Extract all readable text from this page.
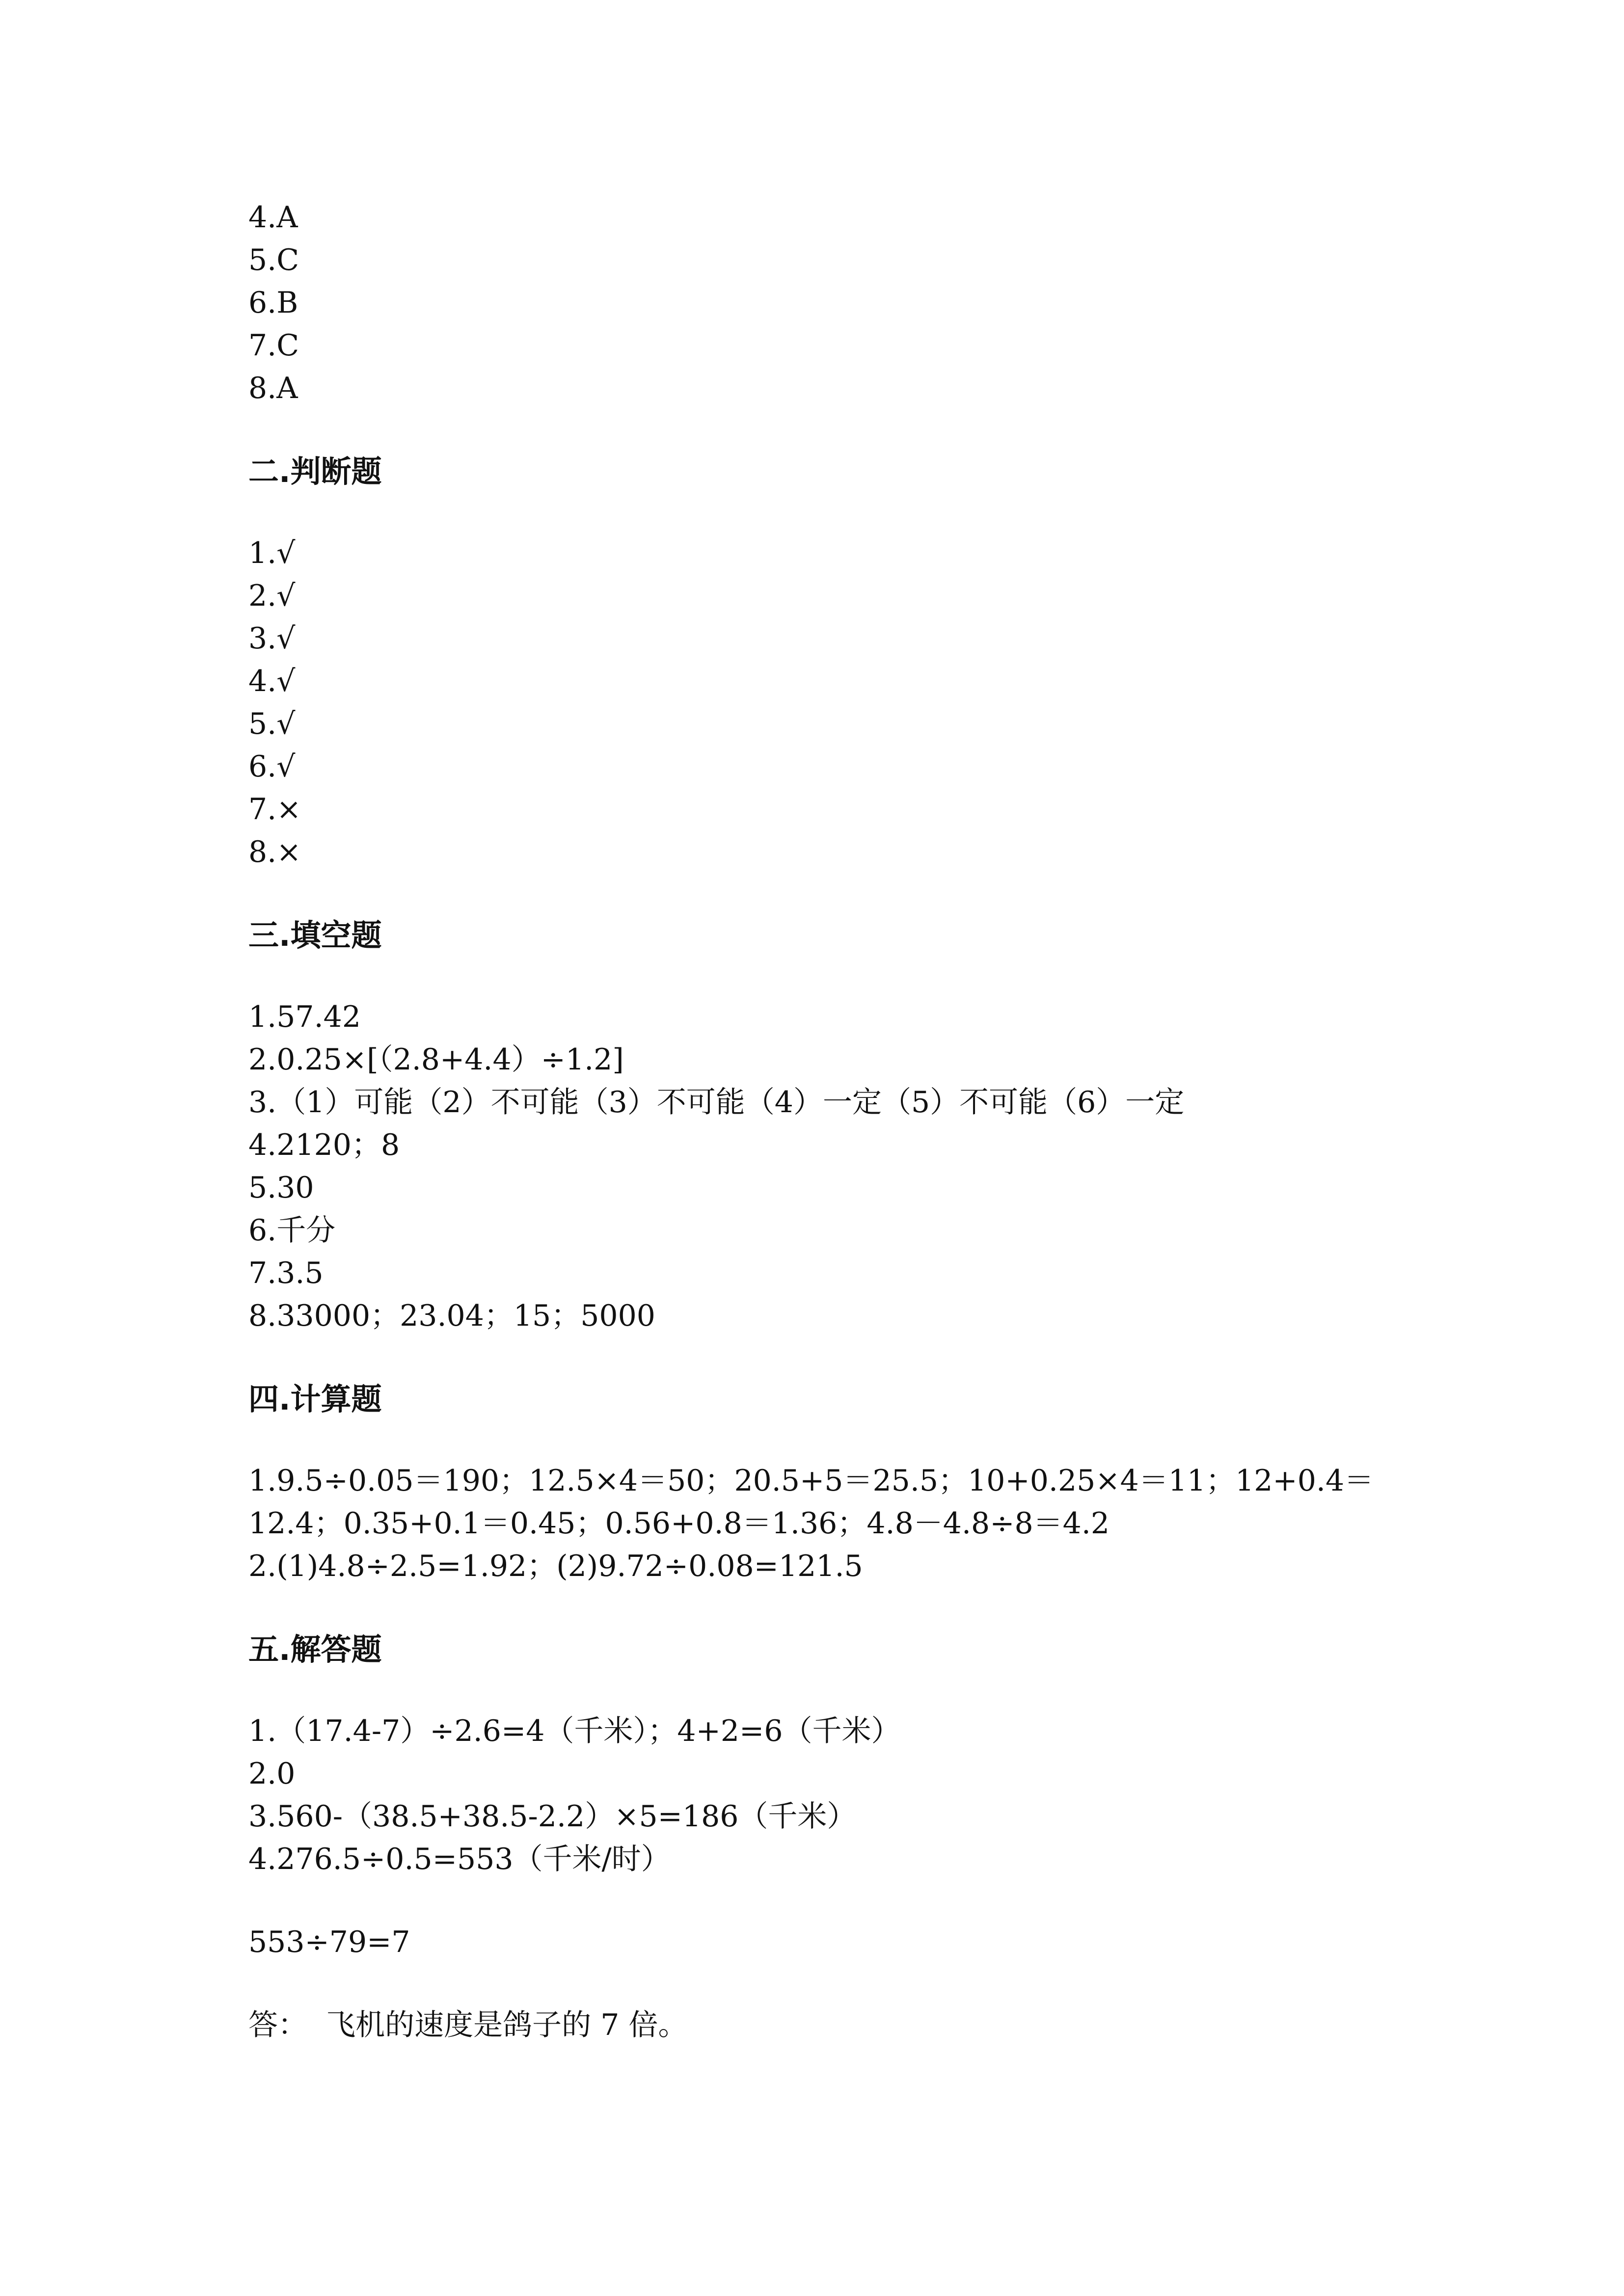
4.A
5.C
6.B
7.C
8.A
二.判断题
1.√
2.√
3.√
4.√
5.√
6.√
7.×
8.×
三.填空题
1.57.42
2.0.25×[（2.8+4.4）÷1.2]
3.（1）可能（2）不可能（3）不可能（4）一定（5）不可能（6）一定
4.2120；8
5.30
6.千分
7.3.5
8.33000；23.04；15；5000
四.计算题
1.9.5÷0.05＝190；12.5×4＝50；20.5+5＝25.5；10+0.25×4＝11；12+0.4＝
12.4；0.35+0.1＝0.45；0.56+0.8＝1.36；4.8－4.8÷8＝4.2
2.(1)4.8÷2.5=1.92；(2)9.72÷0.08=121.5
五.解答题
1.（17.4-7）÷2.6=4（千米）；4+2=6（千米）
2.0
3.560-（38.5+38.5-2.2）×5=186（千米）
4.276.5÷0.5=553（千米/时）
553÷79=7
答：  飞机的速度是鸽子的 7 倍。
